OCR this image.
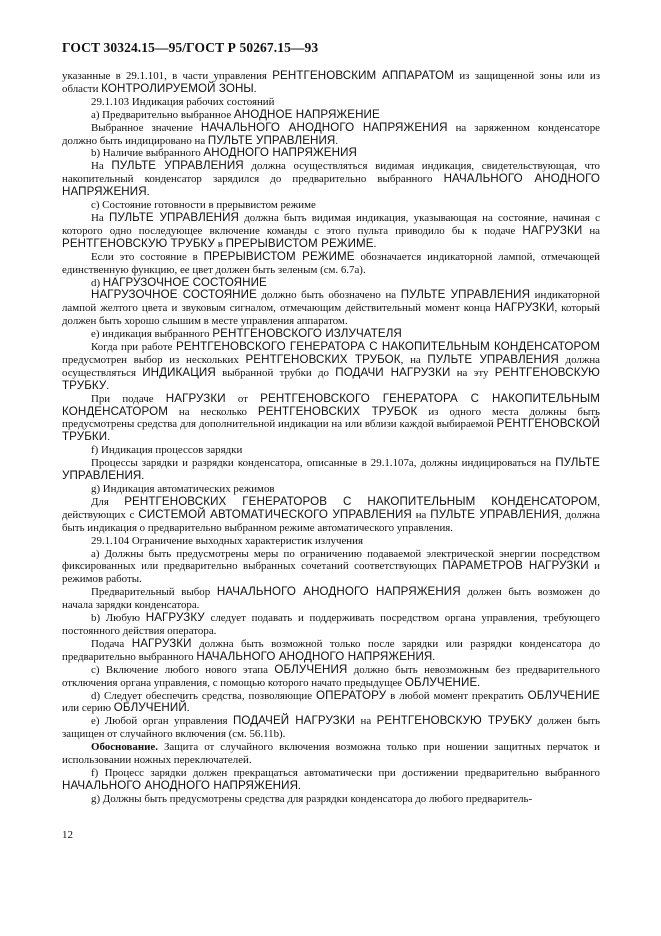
ГОСТ 30324.15—95/ГОСТ Р 50267.15—93

указанные в 29.1.101, в части управления РЕНТГЕНОВСКИМ АППАРАТОМ из защищенной зоны или из области КОНТРОЛИРУЕМОЙ ЗОНЫ.

29.1.103 Индикация рабочих состояний

a) Предварительно выбранное АНОДНОЕ НАПРЯЖЕНИЕ

Выбранное значение НАЧАЛЬНОГО АНОДНОГО НАПРЯЖЕНИЯ на заряженном конденсаторе должно быть индицировано на ПУЛЬТЕ УПРАВЛЕНИЯ.

b) Наличие выбранного АНОДНОГО НАПРЯЖЕНИЯ

На ПУЛЬТЕ УПРАВЛЕНИЯ должна осуществляться видимая индикация, свидетельствующая, что накопительный конденсатор зарядился до предварительно выбранного НАЧАЛЬНОГО АНОДНОГО НАПРЯЖЕНИЯ.

c) Состояние готовности в прерывистом режиме

На ПУЛЬТЕ УПРАВЛЕНИЯ должна быть видимая индикация, указывающая на состояние, начиная с которого одно последующее включение команды с этого пульта приводило бы к подаче НАГРУЗКИ на РЕНТГЕНОВСКУЮ ТРУБКУ в ПРЕРЫВИСТОМ РЕЖИМЕ.

Если это состояние в ПРЕРЫВИСТОМ РЕЖИМЕ обозначается индикаторной лампой, отмечающей единственную функцию, ее цвет должен быть зеленым (см. 6.7а).

d) НАГРУЗОЧНОЕ СОСТОЯНИЕ

НАГРУЗОЧНОЕ СОСТОЯНИЕ должно быть обозначено на ПУЛЬТЕ УПРАВЛЕНИЯ индикаторной лампой желтого цвета и звуковым сигналом, отмечающим действительный момент конца НАГРУЗКИ, который должен быть хорошо слышим в месте управления аппаратом.

e) индикация выбранного РЕНТГЕНОВСКОГО ИЗЛУЧАТЕЛЯ

Когда при работе РЕНТГЕНОВСКОГО ГЕНЕРАТОРА С НАКОПИТЕЛЬНЫМ КОНДЕНСАТОРОМ предусмотрен выбор из нескольких РЕНТГЕНОВСКИХ ТРУБОК, на ПУЛЬТЕ УПРАВЛЕНИЯ должна осуществляться ИНДИКАЦИЯ выбранной трубки до ПОДАЧИ НАГРУЗКИ на эту РЕНТГЕНОВСКУЮ ТРУБКУ.

При подаче НАГРУЗКИ от РЕНТГЕНОВСКОГО ГЕНЕРАТОРА С НАКОПИТЕЛЬНЫМ КОНДЕНСАТОРОМ на несколько РЕНТГЕНОВСКИХ ТРУБОК из одного места должны быть предусмотрены средства для дополнительной индикации на или вблизи каждой выбираемой РЕНТГЕНОВСКОЙ ТРУБКИ.

f) Индикация процессов зарядки

Процессы зарядки и разрядки конденсатора, описанные в 29.1.107а, должны индицироваться на ПУЛЬТЕ УПРАВЛЕНИЯ.

g) Индикация автоматических режимов

Для РЕНТГЕНОВСКИХ ГЕНЕРАТОРОВ С НАКОПИТЕЛЬНЫМ КОНДЕНСАТОРОМ, действующих с СИСТЕМОЙ АВТОМАТИЧЕСКОГО УПРАВЛЕНИЯ на ПУЛЬТЕ УПРАВЛЕНИЯ, должна быть индикация о предварительно выбранном режиме автоматического управления.

29.1.104 Ограничение выходных характеристик излучения

a) Должны быть предусмотрены меры по ограничению подаваемой электрической энергии посредством фиксированных или предварительно выбранных сочетаний соответствующих ПАРАМЕТРОВ НАГРУЗКИ и режимов работы.

Предварительный выбор НАЧАЛЬНОГО АНОДНОГО НАПРЯЖЕНИЯ должен быть возможен до начала зарядки конденсатора.

b) Любую НАГРУЗКУ следует подавать и поддерживать посредством органа управления, требующего постоянного действия оператора.

Подача НАГРУЗКИ должна быть возможной только после зарядки или разрядки конденсатора до предварительно выбранного НАЧАЛЬНОГО АНОДНОГО НАПРЯЖЕНИЯ.

c) Включение любого нового этапа ОБЛУЧЕНИЯ должно быть невозможным без предварительного отключения органа управления, с помощью которого начато предыдущее ОБЛУЧЕНИЕ.

d) Следует обеспечить средства, позволяющие ОПЕРАТОРУ в любой момент прекратить ОБЛУЧЕНИЕ или серию ОБЛУЧЕНИЙ.

e) Любой орган управления ПОДАЧЕЙ НАГРУЗКИ на РЕНТГЕНОВСКУЮ ТРУБКУ должен быть защищен от случайного включения (см. 56.11b).

Обоснование. Защита от случайного включения возможна только при ношении защитных перчаток и использовании ножных переключателей.

f) Процесс зарядки должен прекращаться автоматически при достижении предварительно выбранного НАЧАЛЬНОГО АНОДНОГО НАПРЯЖЕНИЯ.

g) Должны быть предусмотрены средства для разрядки конденсатора до любого предваритель-

12
